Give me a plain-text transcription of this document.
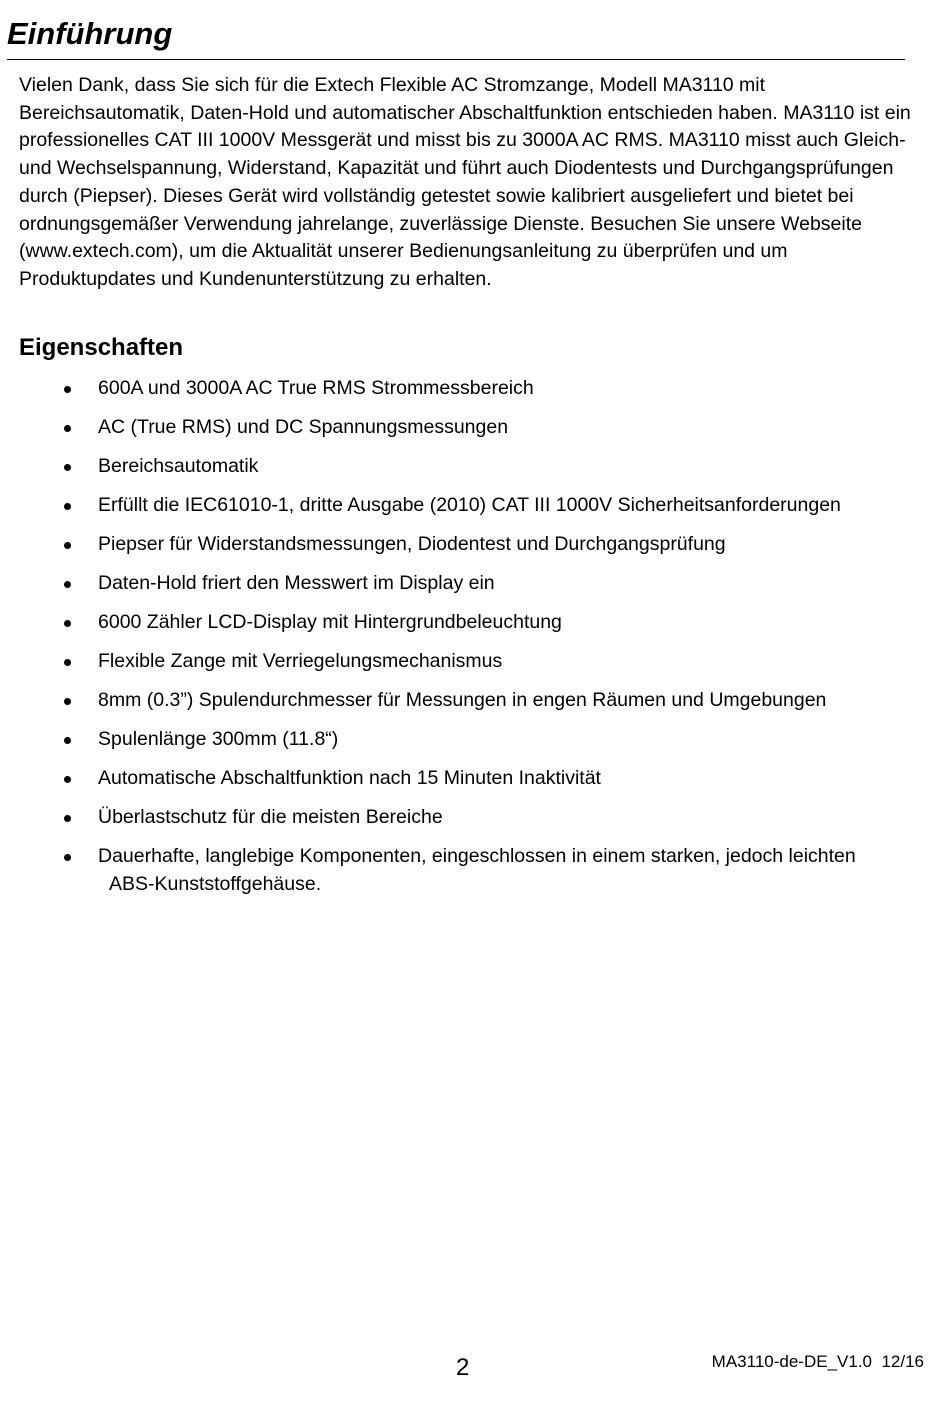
Einführung

Vielen Dank, dass Sie sich für die Extech Flexible AC Stromzange, Modell MA3110 mit Bereichsautomatik, Daten-Hold und automatischer Abschaltfunktion entschieden haben. MA3110 ist ein professionelles CAT III 1000V Messgerät und misst bis zu 3000A AC RMS. MA3110 misst auch Gleich- und Wechselspannung, Widerstand, Kapazität und führt auch Diodentests und Durchgangsprüfungen durch (Piepser). Dieses Gerät wird vollständig getestet sowie kalibriert ausgeliefert und bietet bei ordnungsgemäßer Verwendung jahrelange, zuverlässige Dienste. Besuchen Sie unsere Webseite (www.extech.com), um die Aktualität unserer Bedienungsanleitung zu überprüfen und um Produktupdates und Kundenunterstützung zu erhalten.

Eigenschaften
600A und 3000A AC True RMS Strommessbereich
AC (True RMS) und DC Spannungsmessungen
Bereichsautomatik
Erfüllt die IEC61010-1, dritte Ausgabe (2010) CAT III 1000V Sicherheitsanforderungen
Piepser für Widerstandsmessungen, Diodentest und Durchgangsprüfung
Daten-Hold friert den Messwert im Display ein
6000 Zähler LCD-Display mit Hintergrundbeleuchtung
Flexible Zange mit Verriegelungsmechanismus
8mm (0.3”) Spulendurchmesser für Messungen in engen Räumen und Umgebungen
Spulenlänge 300mm (11.8“)
Automatische Abschaltfunktion nach 15 Minuten Inaktivität
Überlastschutz für die meisten Bereiche
Dauerhafte, langlebige Komponenten, eingeschlossen in einem starken, jedoch leichten
ABS-Kunststoffgehäuse.
2	MA3110-de-DE_V1.0  12/16
